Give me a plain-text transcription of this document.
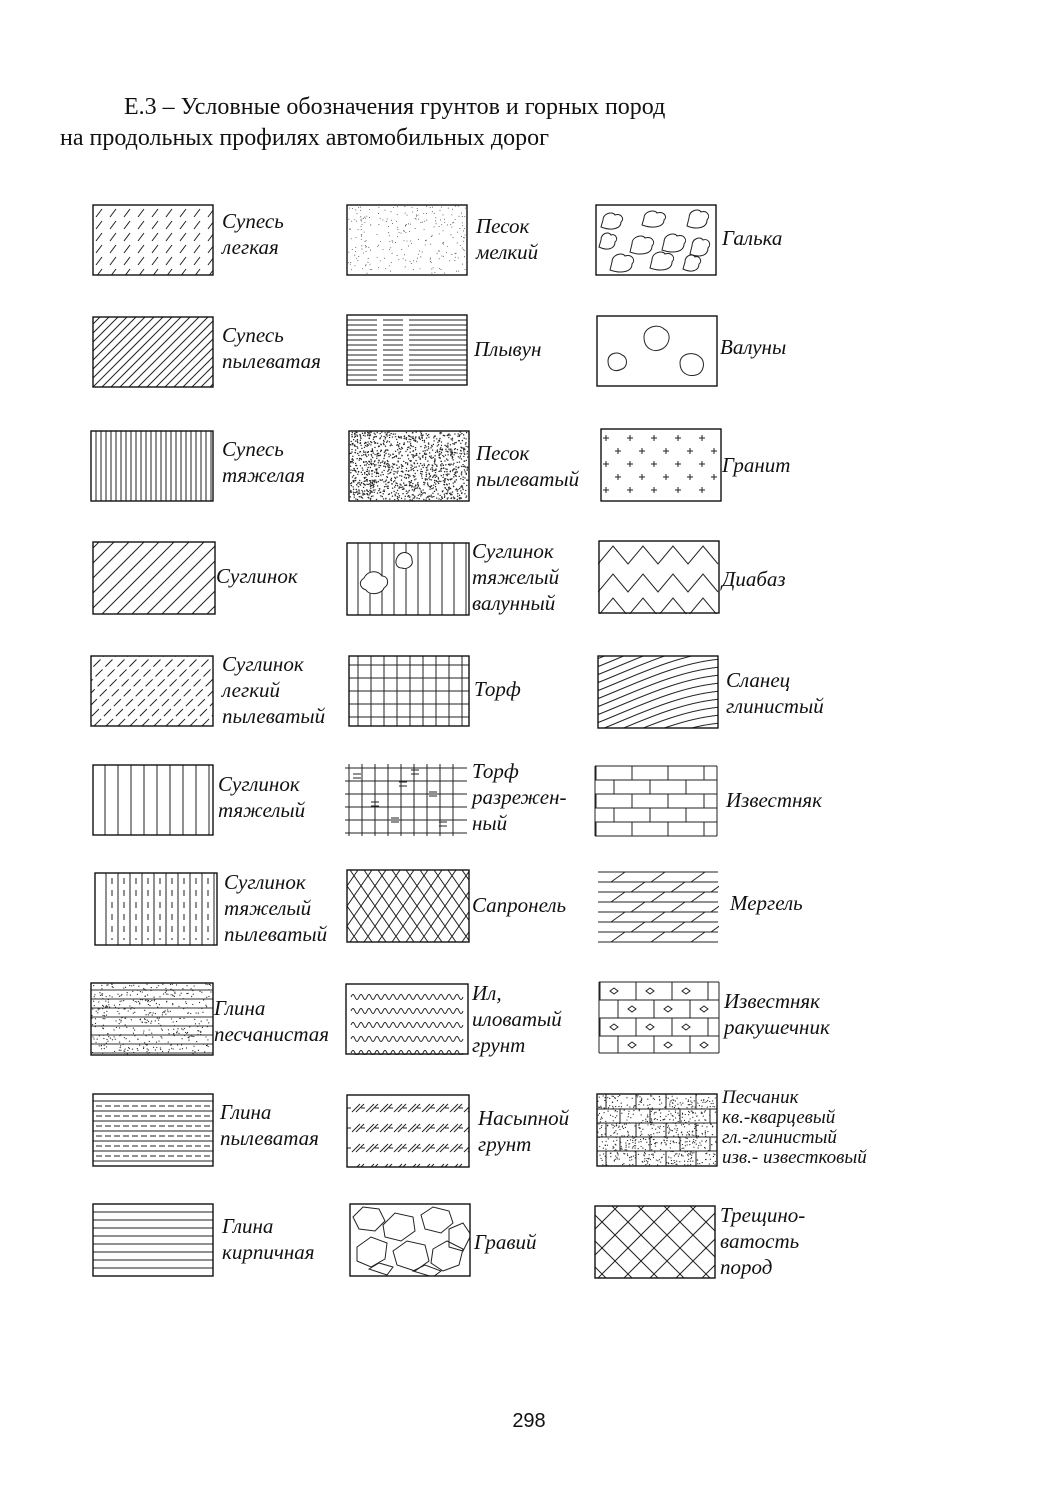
Е.3 – Условные обозначения грунтов и горных пород
на продольных профилях автомобильных дорог
Супесь
легкая
Супесь
пылеватая
Супесь
тяжелая
Суглинок
Суглинок
легкий
пылеватый
Суглинок
тяжелый
Суглинок
тяжелый
пылеватый
Глина
песчанистая
Глина
пылеватая
Глина
кирпичная
Песок
мелкий
Плывун
Песок
пылеватый
Суглинок
тяжелый
валунный
Торф
Торф
разрежен-
ный
Сапронель
Ил,
иловатый
грунт
Насыпной
грунт
Гравий
Галька
Валуны
Гранит
Диабаз
Сланец
глинистый
Известняк
Мергель
Известняк
ракушечник
Песчаник
кв.-кварцевый
гл.-глинистый
изв.- известковый
Трещино-
ватость
пород
298
